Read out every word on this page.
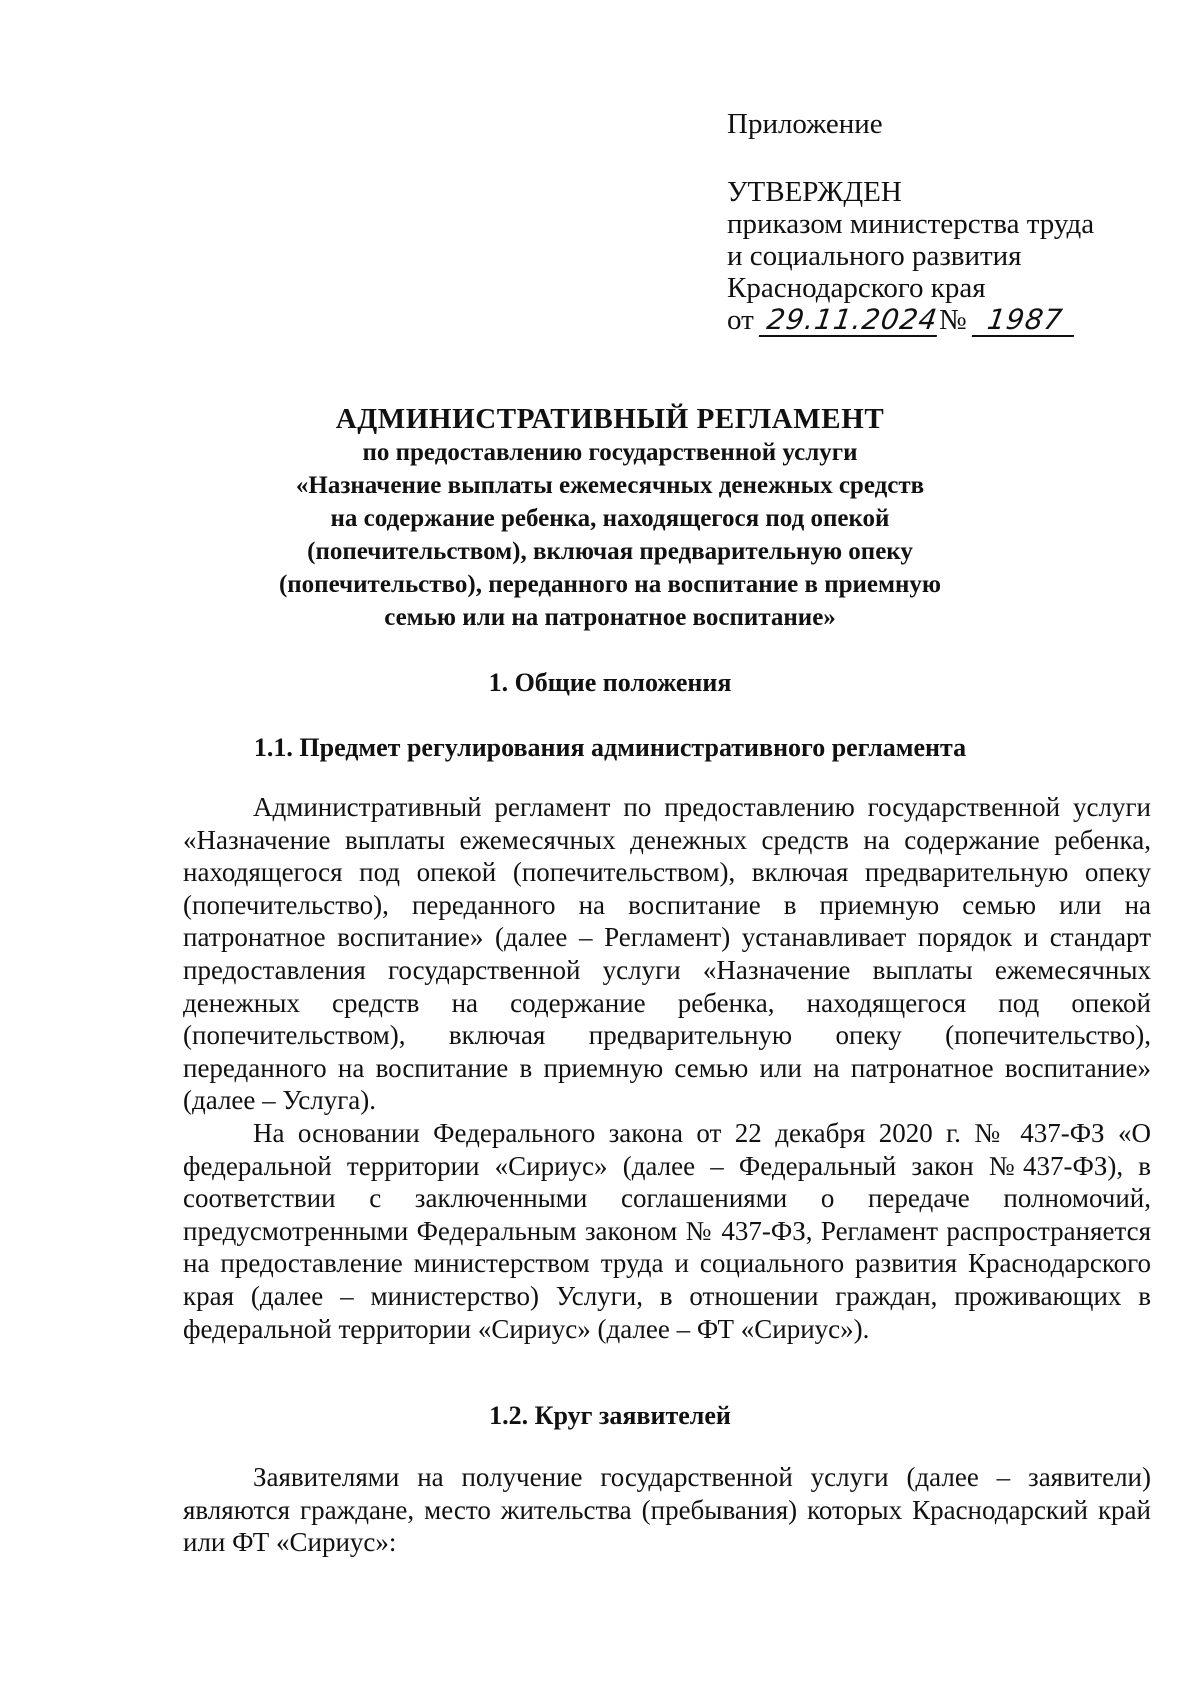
Приложение

УТВЕРЖДЕН

приказом министерства труда

и социального развития

Краснодарского края

от 29.11.2024№ 1987

АДМИНИСТРАТИВНЫЙ РЕГЛАМЕНТ

по предоставлению государственной услуги

«Назначение выплаты ежемесячных денежных средств

на содержание ребенка, находящегося под опекой

(попечительством), включая предварительную опеку

(попечительство), переданного на воспитание в приемную

семью или на патронатное воспитание»

1. Общие положения
1.1. Предмет регулирования административного регламента

Административный регламент по предоставлению государственной услуги «Назначение выплаты ежемесячных денежных средств на содержание ребенка, находящегося под опекой (попечительством), включая предварительную опеку (попечительство), переданного на воспитание в приемную семью или на патронатное воспитание» (далее – Регламент) устанавливает порядок и стандарт предоставления государственной услуги «Назначение выплаты ежемесячных денежных средств на содержание ребенка, находящегося под опекой (попечительством), включая предварительную опеку (попечительство), переданного на воспитание в приемную семью или на патронатное воспитание» (далее – Услуга).

На основании Федерального закона от 22 декабря 2020 г. № 437-ФЗ «О федеральной территории «Сириус» (далее – Федеральный закон №437-ФЗ), в соответствии с заключенными соглашениями о передаче полномочий, предусмотренными Федеральным законом № 437-ФЗ, Регламент распространяется на предоставление министерством труда и социального развития Краснодарского края (далее – министерство) Услуги, в отношении граждан, проживающих в федеральной территории «Сириус» (далее – ФТ «Сириус»).

1.2. Круг заявителей

Заявителями на получение государственной услуги (далее – заявители) являются граждане, место жительства (пребывания) которых Краснодарский край или ФТ «Сириус»:
